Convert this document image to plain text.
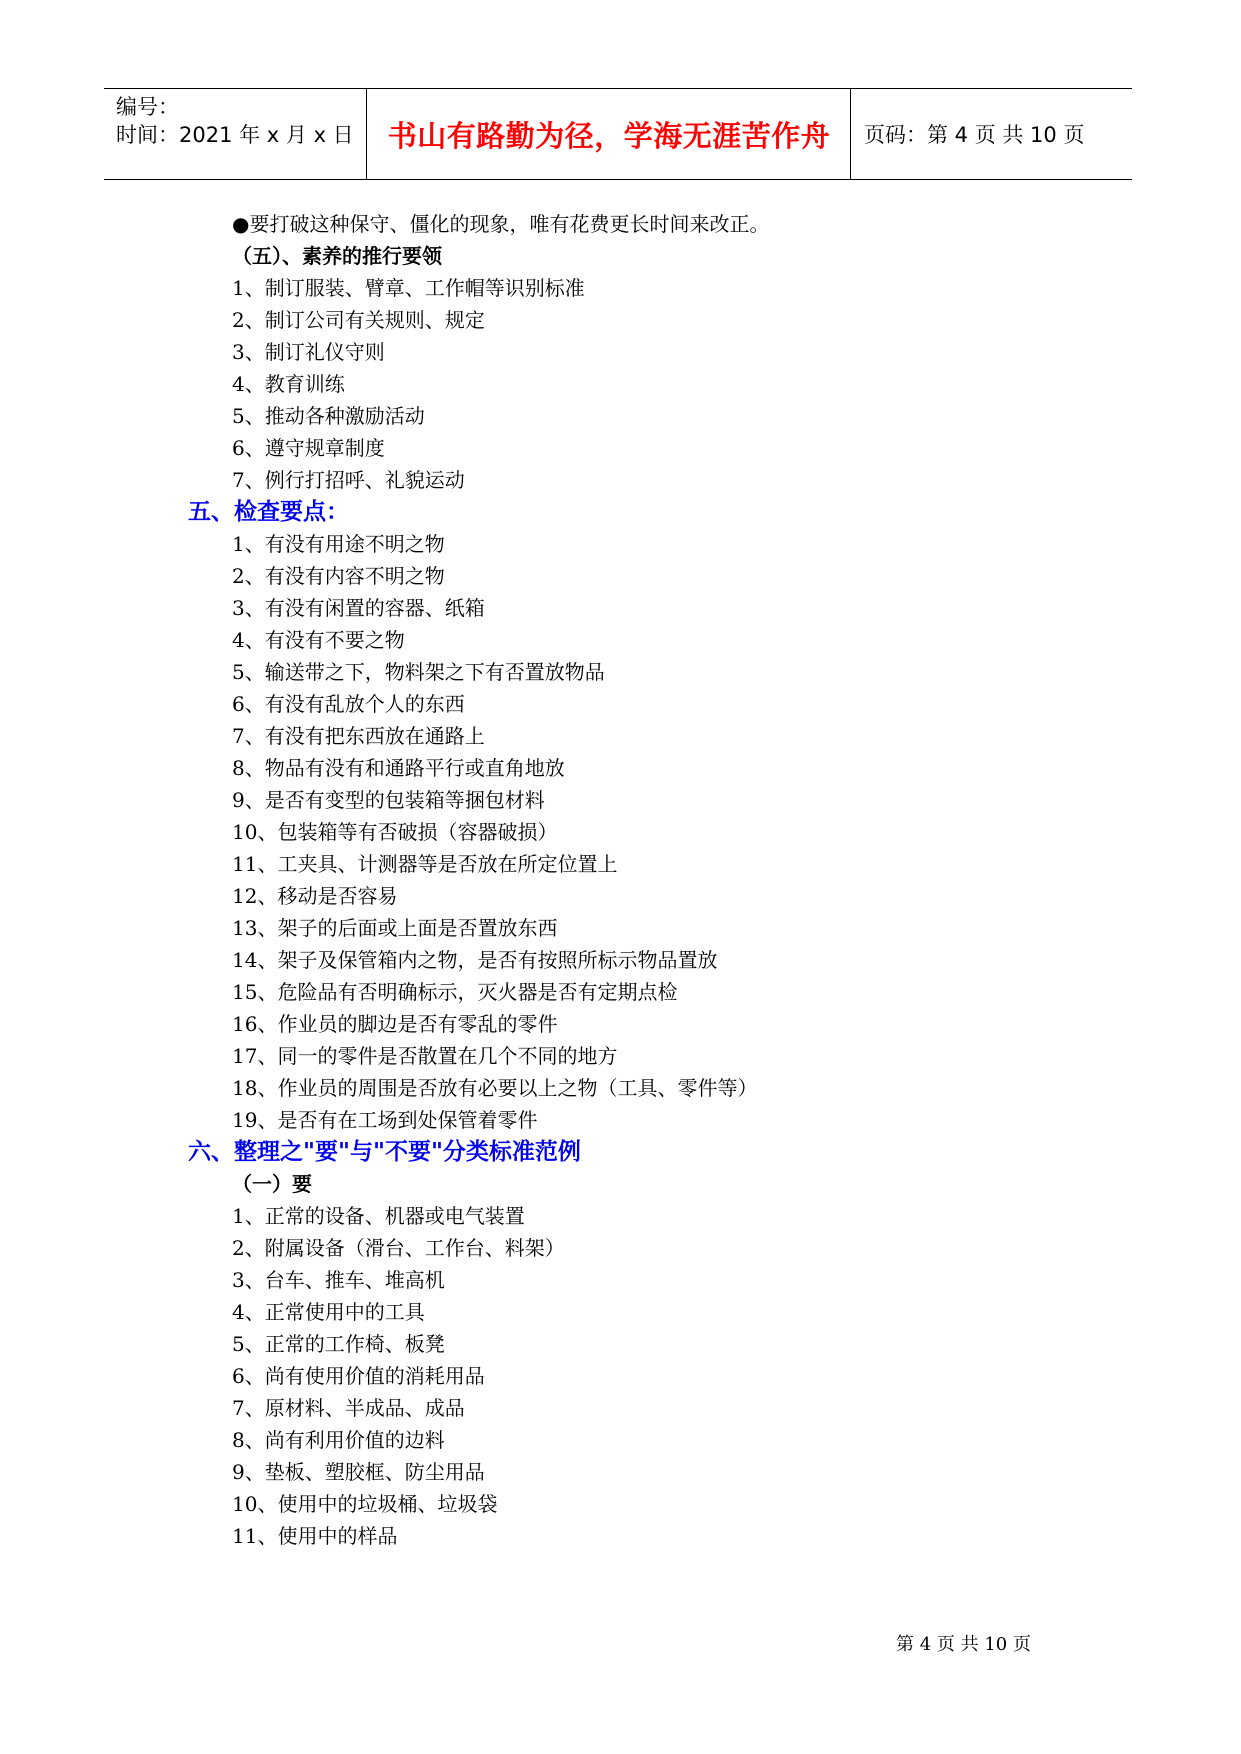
编号：
时间：2021 年 x 月 x 日	书山有路勤为径，学海无涯苦作舟	页码：第 4 页 共 10 页
●要打破这种保守、僵化的现象，唯有花费更长时间来改正。
（五）、素养的推行要领
1、制订服装、臂章、工作帽等识别标准
2、制订公司有关规则、规定
3、制订礼仪守则
4、教育训练
5、推动各种激励活动
6、遵守规章制度
7、例行打招呼、礼貌运动
五、检查要点：
1、有没有用途不明之物
2、有没有内容不明之物
3、有没有闲置的容器、纸箱
4、有没有不要之物
5、输送带之下，物料架之下有否置放物品
6、有没有乱放个人的东西
7、有没有把东西放在通路上
8、物品有没有和通路平行或直角地放
9、是否有变型的包装箱等捆包材料
10、包装箱等有否破损（容器破损）
11、工夹具、计测器等是否放在所定位置上
12、移动是否容易
13、架子的后面或上面是否置放东西
14、架子及保管箱内之物，是否有按照所标示物品置放
15、危险品有否明确标示，灭火器是否有定期点检
16、作业员的脚边是否有零乱的零件
17、同一的零件是否散置在几个不同的地方
18、作业员的周围是否放有必要以上之物（工具、零件等）
19、是否有在工场到处保管着零件
六、整理之"要"与"不要"分类标准范例
（一）要
1、正常的设备、机器或电气装置
2、附属设备（滑台、工作台、料架）
3、台车、推车、堆高机
4、正常使用中的工具
5、正常的工作椅、板凳
6、尚有使用价值的消耗用品
7、原材料、半成品、成品
8、尚有利用价值的边料
9、垫板、塑胶框、防尘用品
10、使用中的垃圾桶、垃圾袋
11、使用中的样品
第 4 页 共 10 页
